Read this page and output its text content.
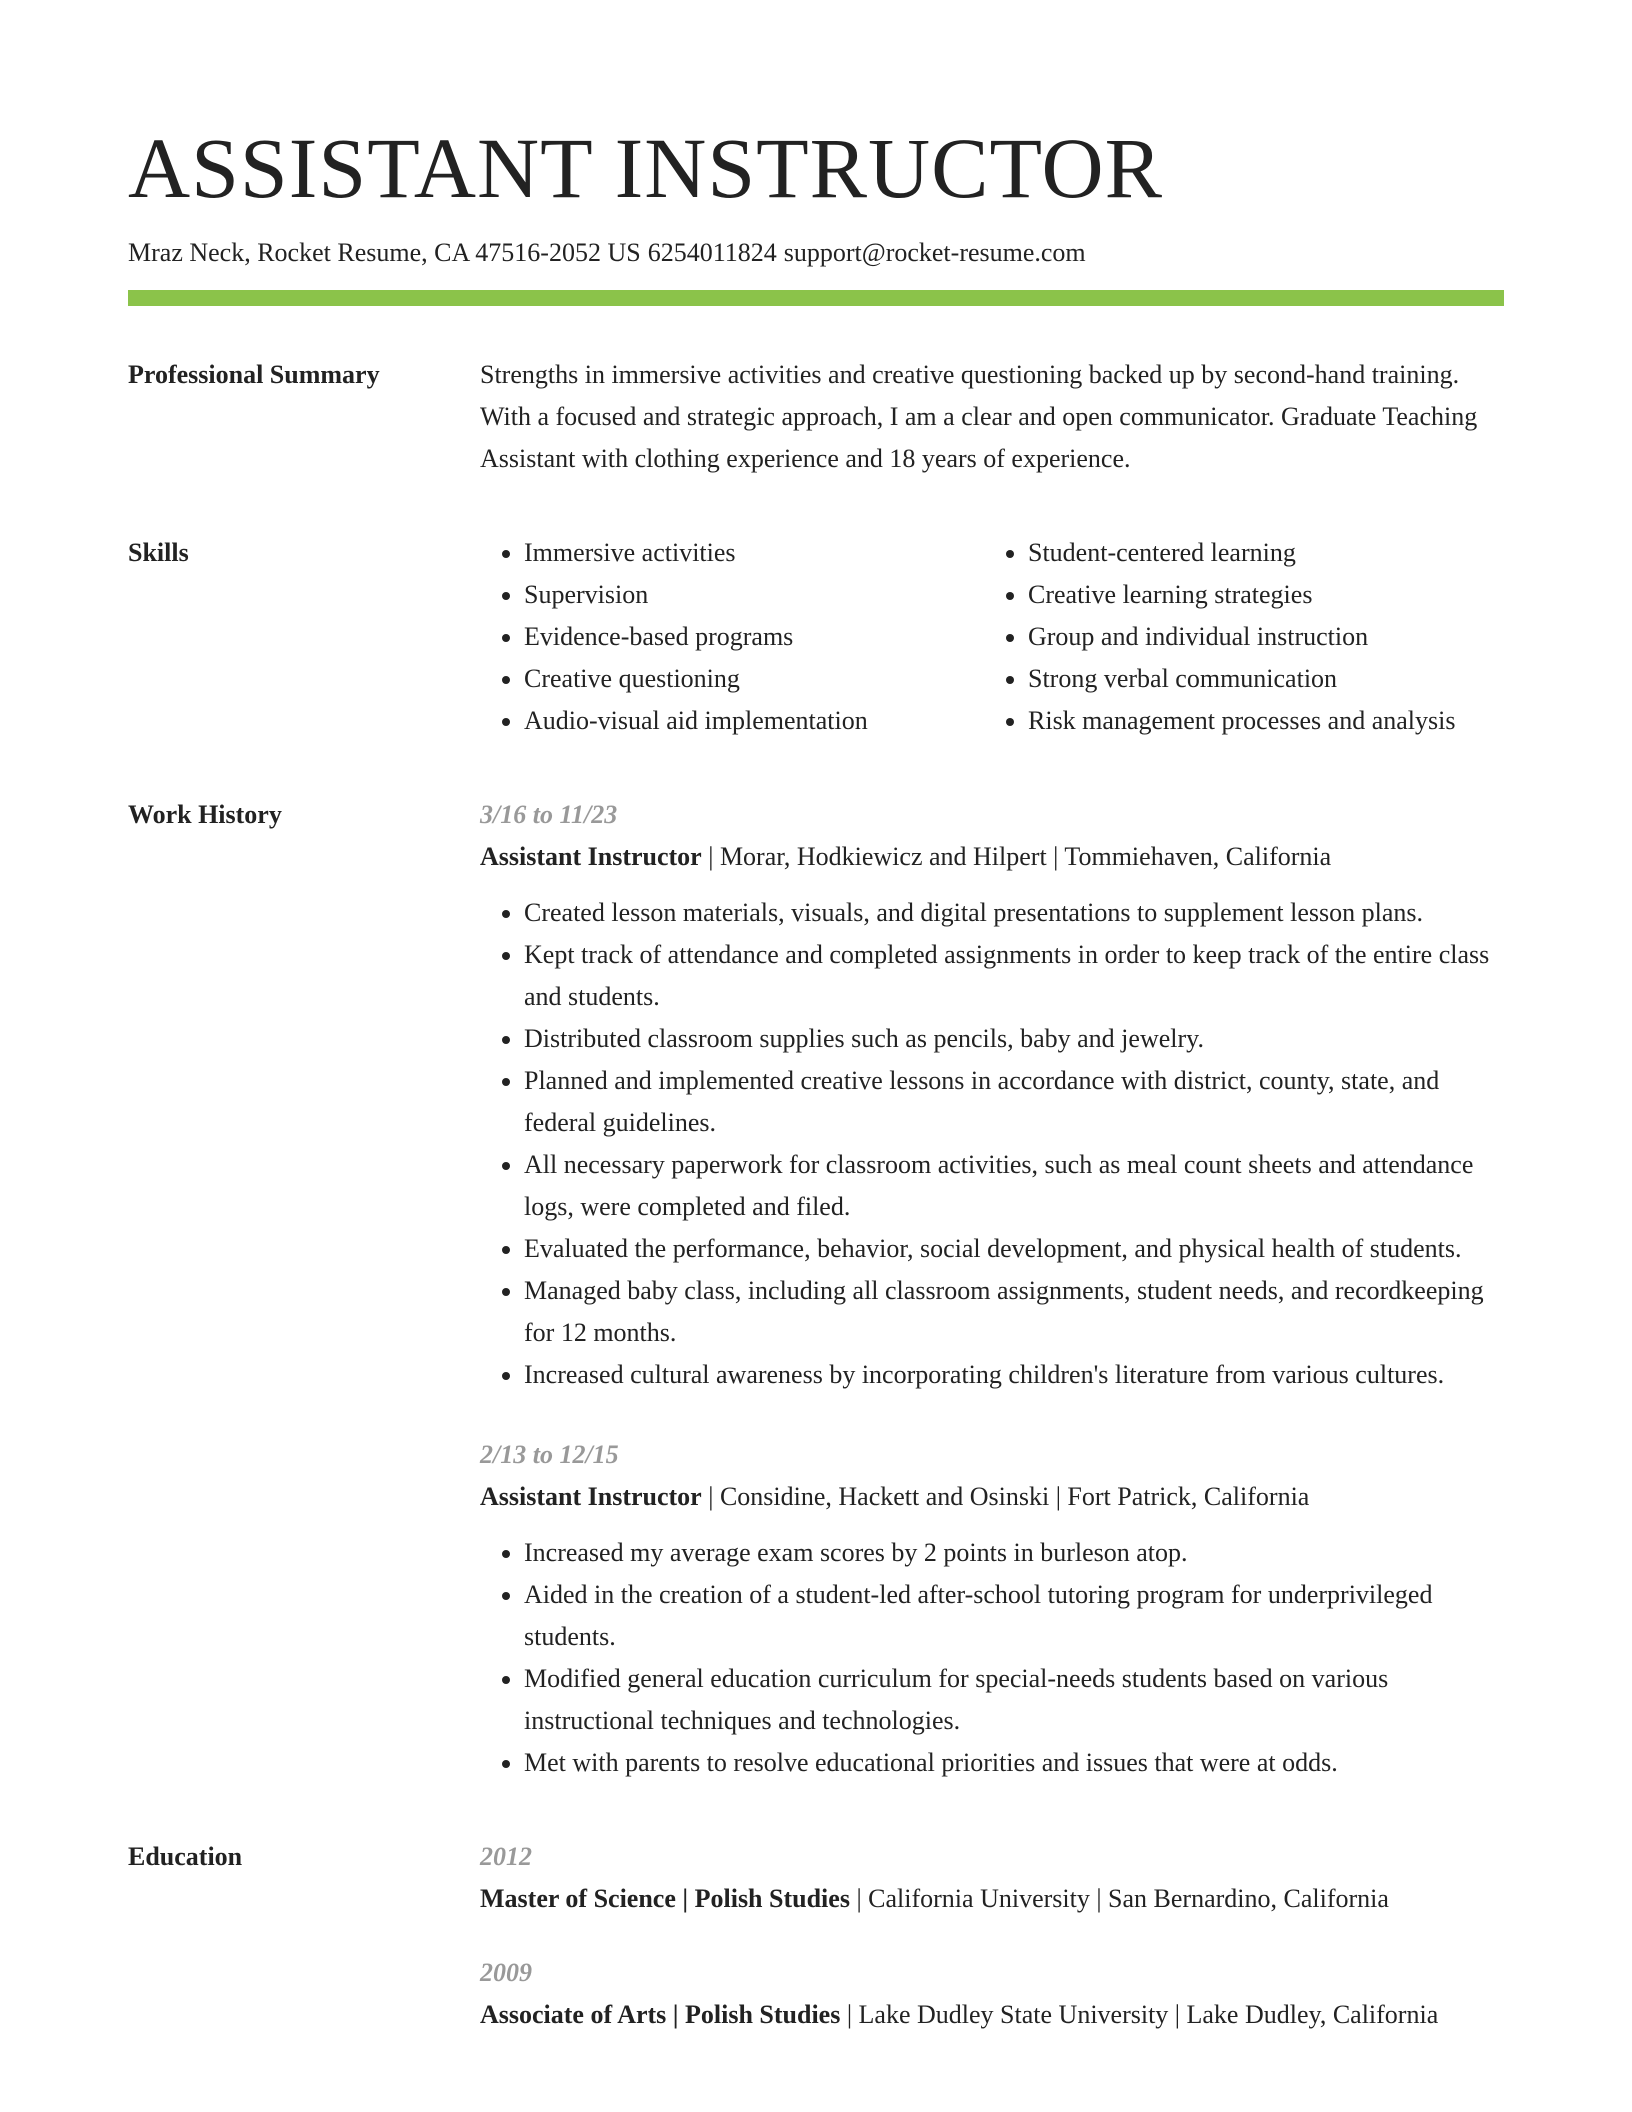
ASSISTANT INSTRUCTOR
Mraz Neck, Rocket Resume, CA 47516-2052 US 6254011824 support@rocket-resume.com
Professional Summary	Strengths in immersive activities and creative questioning backed up by second-hand training. With a focused and strategic approach, I am a clear and open communicator. Graduate Teaching Assistant with clothing experience and 18 years of experience.
Skills
•	Immersive activities
• Supervision
• Evidence-based programs
• Creative questioning
• Audio-visual aid implementation
• Student-centered learning
• Creative learning strategies
• Group and individual instruction
• Strong verbal communication
• Risk management processes and analysis
Work History	3/16 to 11/23
Assistant Instructor | Morar, Hodkiewicz and Hilpert | Tommiehaven, California
• Created lesson materials, visuals, and digital presentations to supplement lesson plans.
• Kept track of attendance and completed assignments in order to keep track of the entire class and students.
• Distributed classroom supplies such as pencils, baby and jewelry.
• Planned and implemented creative lessons in accordance with district, county, state, and federal guidelines.
• All necessary paperwork for classroom activities, such as meal count sheets and attendance logs, were completed and filed.
• Evaluated the performance, behavior, social development, and physical health of students.
• Managed baby class, including all classroom assignments, student needs, and recordkeeping for 12 months.
• Increased cultural awareness by incorporating children's literature from various cultures.
2/13 to 12/15
Assistant Instructor | Considine, Hackett and Osinski | Fort Patrick, California
• Increased my average exam scores by 2 points in burleson atop.
• Aided in the creation of a student-led after-school tutoring program for underprivileged students.
• Modified general education curriculum for special-needs students based on various instructional techniques and technologies.
• Met with parents to resolve educational priorities and issues that were at odds.
Education	2012
Master of Science | Polish Studies | California University | San Bernardino, California
2009
Associate of Arts | Polish Studies | Lake Dudley State University | Lake Dudley, California
